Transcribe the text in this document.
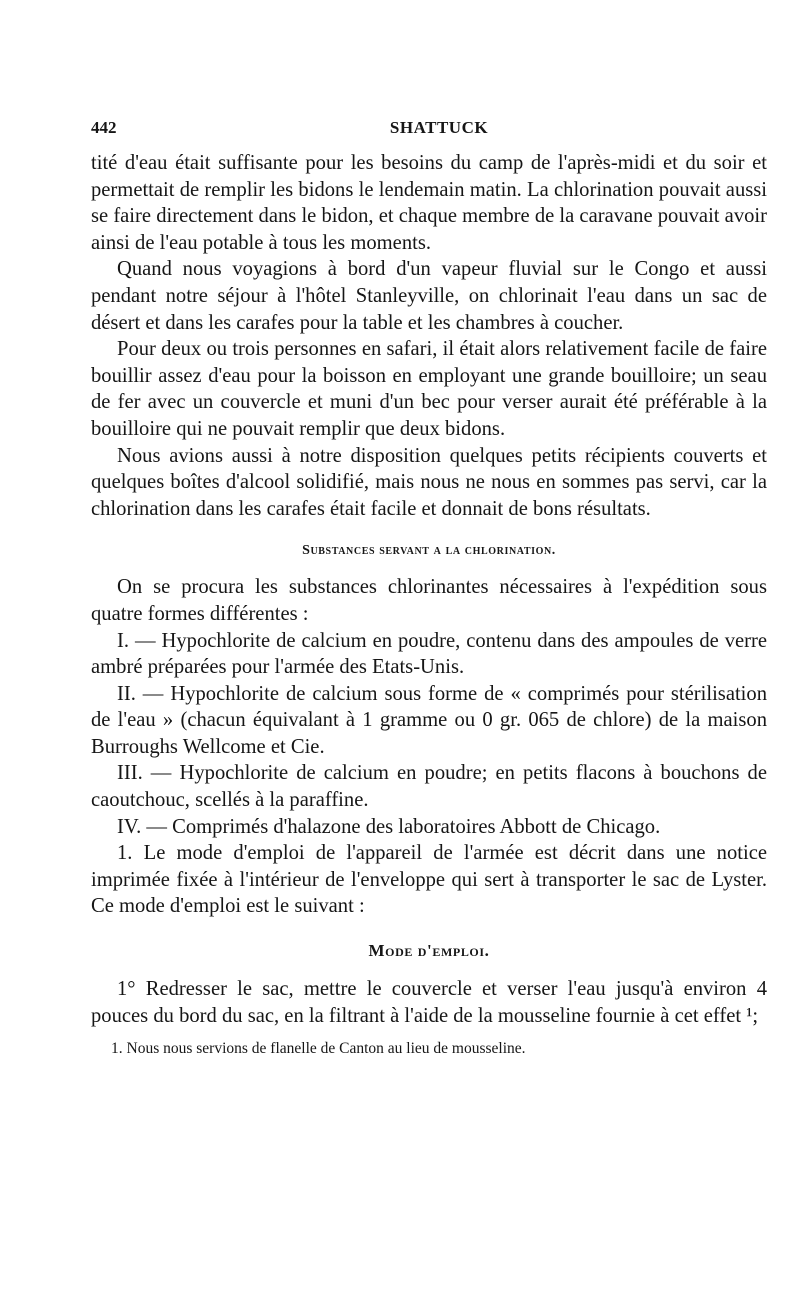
442	SHATTUCK

tité d'eau était suffisante pour les besoins du camp de l'après-midi et du soir et permettait de remplir les bidons le lendemain matin. La chlorination pouvait aussi se faire directement dans le bidon, et chaque membre de la caravane pouvait avoir ainsi de l'eau potable à tous les moments.

Quand nous voyagions à bord d'un vapeur fluvial sur le Congo et aussi pendant notre séjour à l'hôtel Stanleyville, on chlorinait l'eau dans un sac de désert et dans les carafes pour la table et les chambres à coucher.

Pour deux ou trois personnes en safari, il était alors relativement facile de faire bouillir assez d'eau pour la boisson en employant une grande bouilloire; un seau de fer avec un couvercle et muni d'un bec pour verser aurait été préférable à la bouilloire qui ne pouvait remplir que deux bidons.

Nous avions aussi à notre disposition quelques petits récipients couverts et quelques boîtes d'alcool solidifié, mais nous ne nous en sommes pas servi, car la chlorination dans les carafes était facile et donnait de bons résultats.

Substances servant a la chlorination.

On se procura les substances chlorinantes nécessaires à l'expédition sous quatre formes différentes :

I. — Hypochlorite de calcium en poudre, contenu dans des ampoules de verre ambré préparées pour l'armée des Etats-Unis.

II. — Hypochlorite de calcium sous forme de « comprimés pour stérilisation de l'eau » (chacun équivalant à 1 gramme ou 0 gr. 065 de chlore) de la maison Burroughs Wellcome et Cie.

III. — Hypochlorite de calcium en poudre; en petits flacons à bouchons de caoutchouc, scellés à la paraffine.

IV. — Comprimés d'halazone des laboratoires Abbott de Chicago.

1. Le mode d'emploi de l'appareil de l'armée est décrit dans une notice imprimée fixée à l'intérieur de l'enveloppe qui sert à transporter le sac de Lyster. Ce mode d'emploi est le suivant :

Mode d'emploi.

1° Redresser le sac, mettre le couvercle et verser l'eau jusqu'à environ 4 pouces du bord du sac, en la filtrant à l'aide de la mousseline fournie à cet effet ¹;

1. Nous nous servions de flanelle de Canton au lieu de mousseline.
